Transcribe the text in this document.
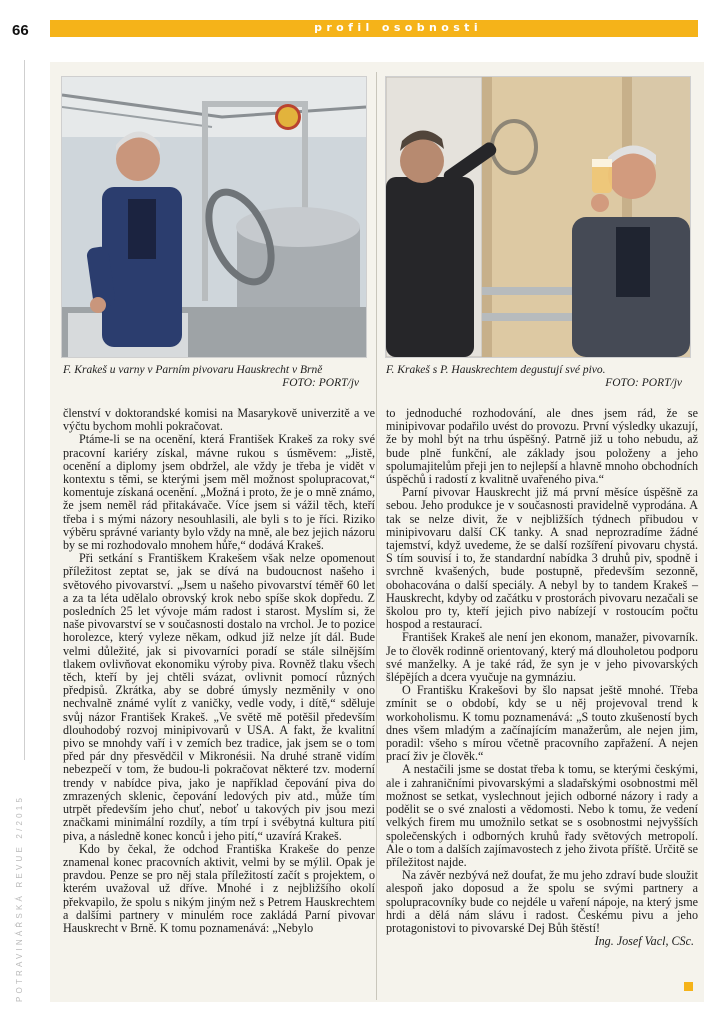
66	profil osobnosti
POTRAVINÁŘSKÁ REVUE 2/2015
F. Krakeš u varny v Parním pivovaru Hauskrecht v Brně
FOTO: PORT/jv
F. Krakeš s P. Hauskrechtem degustují své pivo.
FOTO: PORT/jv

členství v doktorandské komisi na Masarykově univerzitě a ve výčtu bychom mohli pokračovat.

Ptáme-li se na ocenění, která František Krakeš za roky své pracovní kariéry získal, mávne rukou s úsměvem: „Jistě, ocenění a diplomy jsem obdržel, ale vždy je třeba je vidět v kontextu s těmi, se kterými jsem měl možnost spolupracovat,“ komentuje získaná ocenění. „Možná i proto, že je o mně známo, že jsem neměl rád přitakávače. Více jsem si vážil těch, kteří třeba i s mými názory nesouhlasili, ale byli s to je říci. Riziko výběru správné varianty bylo vždy na mně, ale bez jejich názoru by se mi rozhodovalo mnohem hůře,“ dodává Krakeš.

Při setkání s Františkem Krakešem však nelze opomenout příležitost zeptat se, jak se dívá na budoucnost našeho i světového pivovarství. „Jsem u našeho pivovarství téměř 60 let a za ta léta udělalo obrovský krok nebo spíše skok dopředu. Z posledních 25 let vývoje mám radost i starost. Myslím si, že naše pivovarství se v současnosti dostalo na vrchol. Je to pozice horolezce, který vyleze někam, odkud již nelze jít dál. Bude velmi důležité, jak si pivovarníci poradí se stále silnějším tlakem ovlivňovat ekonomiku výroby piva. Rovněž tlaku všech těch, kteří by jej chtěli svázat, ovlivnit pomocí různých předpisů. Zkrátka, aby se dobré úmysly nezměnily v ono nechvalně známé vylít z vaničky, vedle vody, i dítě,“ sděluje svůj názor František Krakeš. „Ve světě mě potěšil především dlouhodobý rozvoj minipivovarů v USA. A fakt, že kvalitní pivo se mnohdy vaří i v zemích bez tradice, jak jsem se o tom před pár dny přesvědčil v Mikronésii. Na druhé straně vidím nebezpečí v tom, že budou-li pokračovat některé tzv. moderní trendy v nabídce piva, jako je například čepování piva do zmrazených sklenic, čepování ledových piv atd., může tím utrpět především jeho chuť, neboť u takových piv jsou mezi značkami minimální rozdíly, a tím trpí i svébytná kultura pití piva, a následně konec konců i jeho pití,“ uzavírá Krakeš.

Kdo by čekal, že odchod Františka Krakeše do penze znamenal konec pracovních aktivit, velmi by se mýlil. Opak je pravdou. Penze se pro něj stala příležitostí začít s projektem, o kterém uvažoval už dříve. Mnohé i z nejbližšího okolí překvapilo, že spolu s nikým jiným než s Petrem Hauskrechtem a dalšími partnery v minulém roce zakládá Parní pivovar Hauskrecht v Brně. K tomu poznamenává: „Nebylo

to jednoduché rozhodování, ale dnes jsem rád, že se minipivovar podařilo uvést do provozu. První výsledky ukazují, že by mohl být na trhu úspěšný. Patrně již u toho nebudu, až bude plně funkční, ale základy jsou položeny a jeho spolumajitelům přeji jen to nejlepší a hlavně mnoho obchodních úspěchů i radostí z kvalitně uvařeného piva.“

Parní pivovar Hauskrecht již má první měsíce úspěšně za sebou. Jeho produkce je v současnosti pravidelně vyprodána. A tak se nelze divit, že v nejbližších týdnech přibudou v minipivovaru další CK tanky. A snad neprozradíme žádné tajemství, když uvedeme, že se další rozšíření pivovaru chystá. S tím souvisí i to, že standardní nabídka 3 druhů piv, spodně i svrchně kvašených, bude postupně, především sezonně, obohacována o další speciály. A nebyl by to tandem Krakeš – Hauskrecht, kdyby od začátku v prostorách pivovaru nezačali se školou pro ty, kteří jejich pivo nabízejí v rostoucím počtu hospod a restaurací.

František Krakeš ale není jen ekonom, manažer, pivovarník. Je to člověk rodinně orientovaný, který má dlouholetou podporu své manželky. A je také rád, že syn je v jeho pivovarských šlépějích a dcera vyučuje na gymnáziu.

O Františku Krakešovi by šlo napsat ještě mnohé. Třeba zmínit se o období, kdy se u něj projevoval trend k workoholismu. K tomu poznamenává: „S touto zkušeností bych dnes všem mladým a začínajícím manažerům, ale nejen jim, poradil: všeho s mírou včetně pracovního zapřažení. A nejen prací živ je člověk.“

A nestačili jsme se dostat třeba k tomu, se kterými českými, ale i zahraničními pivovarskými a sladařskými osobnostmi měl možnost se setkat, vyslechnout jejich odborné názory i rady a podělit se o své znalosti a vědomosti. Nebo k tomu, že vedení velkých firem mu umožnilo setkat se s osobnostmi nejvyšších společenských i odborných kruhů řady světových metropolí. Ale o tom a dalších zajímavostech z jeho života příště. Určitě se příležitost najde.

Na závěr nezbývá než doufat, že mu jeho zdraví bude sloužit alespoň jako doposud a že spolu se svými partnery a spolupracovníky bude co nejdéle u vaření nápoje, na který jsme hrdi a dělá nám slávu i radost. Českému pivu a jeho protagonistovi to pivovarské Dej Bůh štěstí!

Ing. Josef Vacl, CSc.
